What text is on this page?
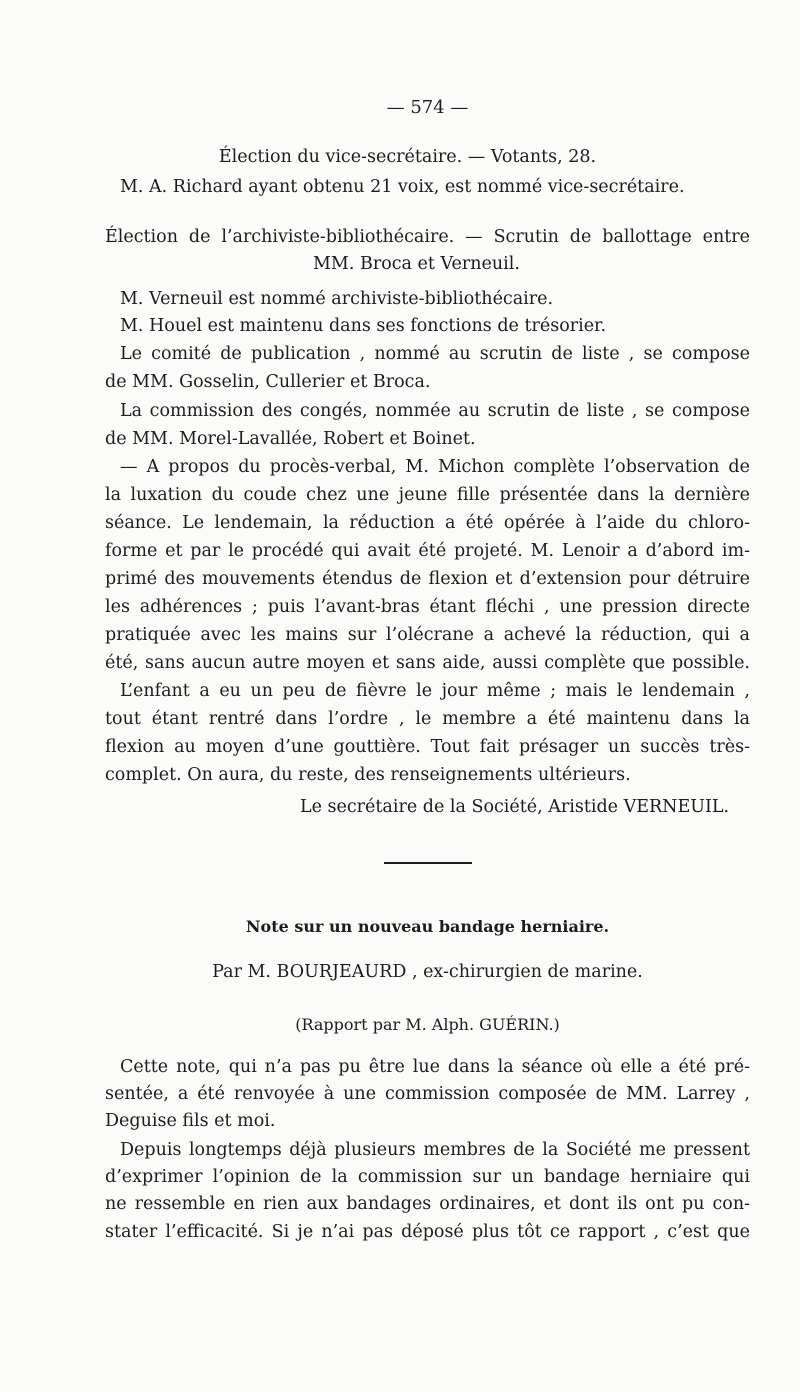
— 574 —
Élection du vice-secrétaire. — Votants, 28.
M. A. Richard ayant obtenu 21 voix, est nommé vice-secrétaire.
Élection de l’archiviste-bibliothécaire. — Scrutin de ballottage entre
MM. Broca et Verneuil.
M. Verneuil est nommé archiviste-bibliothécaire.
M. Houel est maintenu dans ses fonctions de trésorier.
Le comité de publication , nommé au scrutin de liste , se compose
de MM. Gosselin, Cullerier et Broca.
La commission des congés, nommée au scrutin de liste , se compose
de MM. Morel-Lavallée, Robert et Boinet.
— A propos du procès-verbal, M. Michon complète l’observation de
la luxation du coude chez une jeune fille présentée dans la dernière
séance. Le lendemain, la réduction a été opérée à l’aide du chloro-
forme et par le procédé qui avait été projeté. M. Lenoir a d’abord im-
primé des mouvements étendus de flexion et d’extension pour détruire
les adhérences ; puis l’avant-bras étant fléchi , une pression directe
pratiquée avec les mains sur l’olécrane a achevé la réduction, qui a
été, sans aucun autre moyen et sans aide, aussi complète que possible.
L’enfant a eu un peu de fièvre le jour même ; mais le lendemain ,
tout étant rentré dans l’ordre , le membre a été maintenu dans la
flexion au moyen d’une gouttière. Tout fait présager un succès très-
complet. On aura, du reste, des renseignements ultérieurs.
Le secrétaire de la Société, Aristide VERNEUIL.
Note sur un nouveau bandage herniaire.
Par M. BOURJEAURD , ex-chirurgien de marine.
(Rapport par M. Alph. GUÉRIN.)
Cette note, qui n’a pas pu être lue dans la séance où elle a été pré-
sentée, a été renvoyée à une commission composée de MM. Larrey ,
Deguise fils et moi.
Depuis longtemps déjà plusieurs membres de la Société me pressent
d’exprimer l’opinion de la commission sur un bandage herniaire qui
ne ressemble en rien aux bandages ordinaires, et dont ils ont pu con-
stater l’efficacité. Si je n’ai pas déposé plus tôt ce rapport , c’est que
